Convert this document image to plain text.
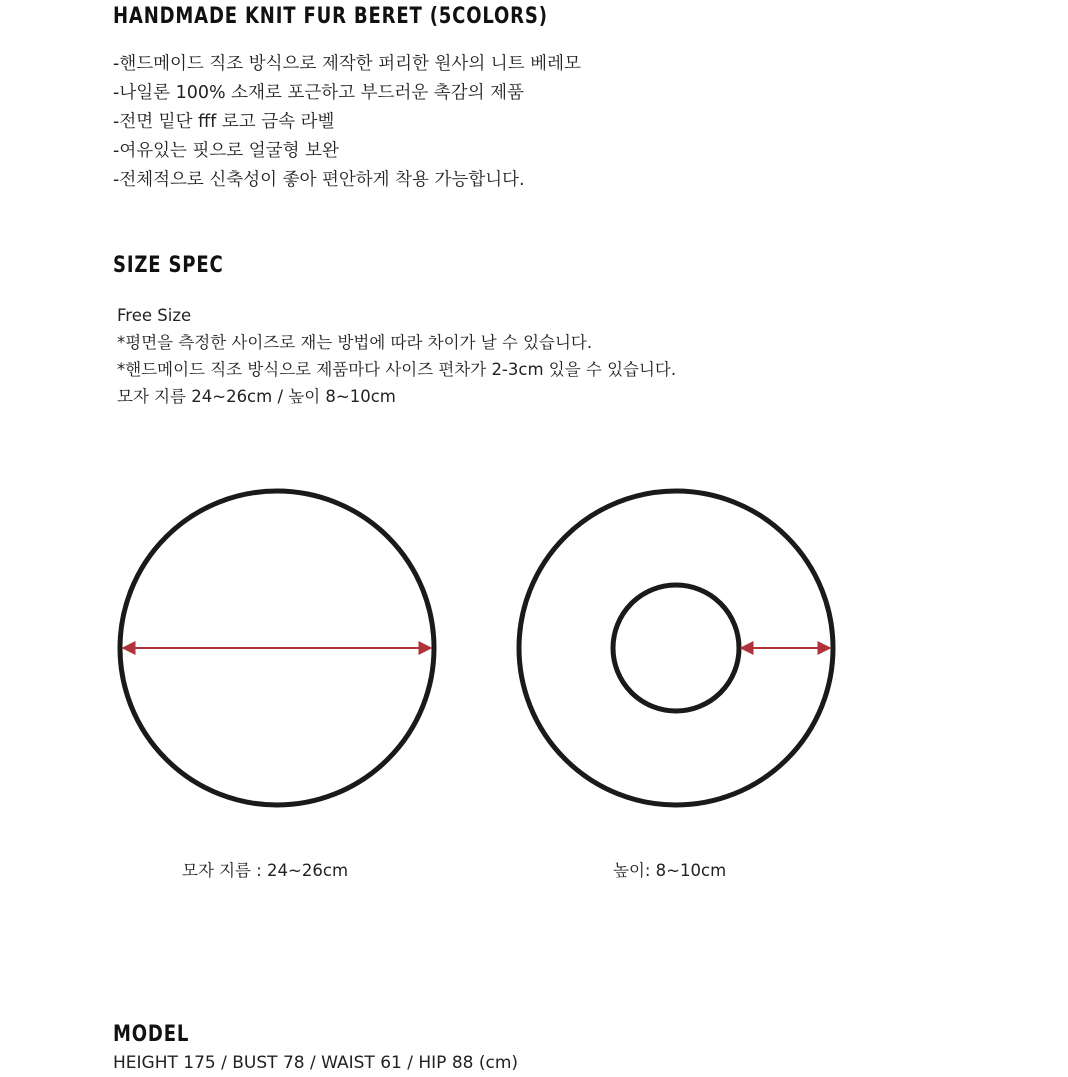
HANDMADE KNIT FUR BERET (5COLORS)
-핸드메이드 직조 방식으로 제작한 퍼리한 원사의 니트 베레모
-나일론 100% 소재로 포근하고 부드러운 촉감의 제품
-전면 밑단 fff 로고 금속 라벨
-여유있는 핏으로 얼굴형 보완
-전체적으로 신축성이 좋아 편안하게 착용 가능합니다.
SIZE SPEC
Free Size
*평면을 측정한 사이즈로 재는 방법에 따라 차이가 날 수 있습니다.
*핸드메이드 직조 방식으로 제품마다 사이즈 편차가 2-3cm 있을 수 있습니다.
모자 지름 24~26cm / 높이 8~10cm
모자 지름 : 24~26cm	높이: 8~10cm
MODEL
HEIGHT 175 / BUST 78 / WAIST 61 / HIP 88 (cm)
